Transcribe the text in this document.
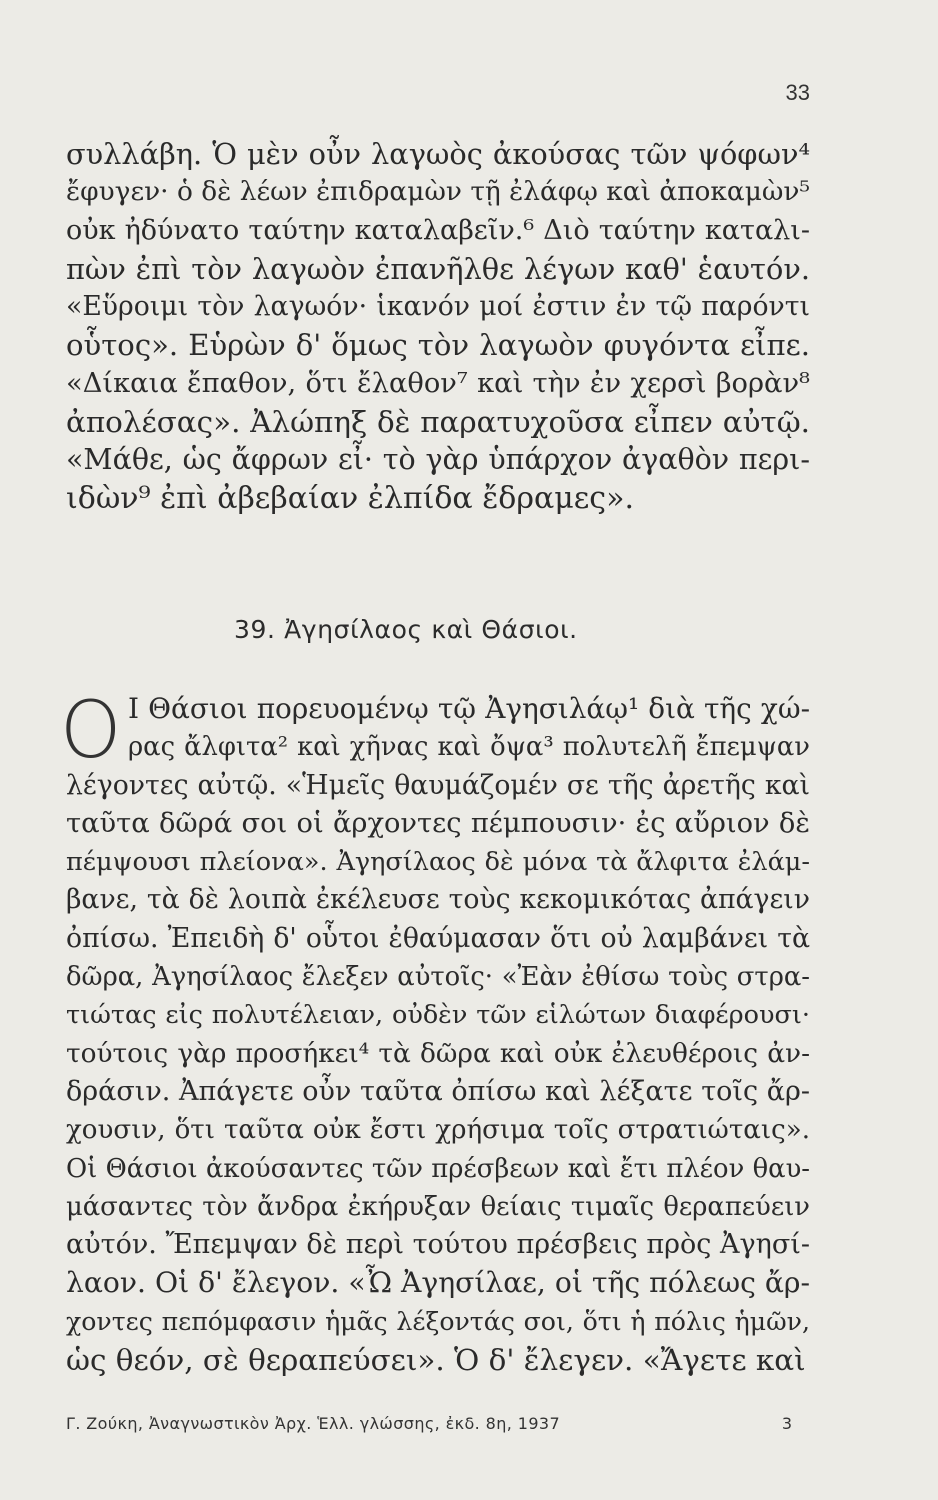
33
συλλάβη. Ὁ μὲν οὖν λαγωὸς ἀκούσας τῶν ψόφων⁴
ἔφυγεν· ὁ δὲ λέων ἐπιδραμὼν τῇ ἐλάφῳ καὶ ἀποκαμὼν⁵
οὐκ ἠδύνατο ταύτην καταλαβεῖν.⁶ Διὸ ταύτην καταλι-
πὼν ἐπὶ τὸν λαγωὸν ἐπανῆλθε λέγων καθ' ἑαυτόν.
«Εὕροιμι τὸν λαγωόν· ἱκανόν μοί ἐστιν ἐν τῷ παρόντι
οὗτος». Εὑρὼν δ' ὅμως τὸν λαγωὸν φυγόντα εἶπε.
«Δίκαια ἔπαθον, ὅτι ἔλαθον⁷ καὶ τὴν ἐν χερσὶ βορὰν⁸
ἀπολέσας». Ἀλώπηξ δὲ παρατυχοῦσα εἶπεν αὐτῷ.
«Μάθε, ὡς ἄφρων εἶ· τὸ γὰρ ὑπάρχον ἀγαθὸν περι-
ιδὼν⁹ ἐπὶ ἀβεβαίαν ἐλπίδα ἔδραμες».
39. Ἀγησίλαος καὶ Θάσιοι.
Ο Ι Θάσιοι πορευομένῳ τῷ Ἀγησιλάῳ¹ διὰ τῆς χώ-
ρας ἄλφιτα² καὶ χῆνας καὶ ὄψα³ πολυτελῆ ἔπεμψαν
λέγοντες αὐτῷ. «Ἡμεῖς θαυμάζομέν σε τῆς ἀρετῆς καὶ
ταῦτα δῶρά σοι οἱ ἄρχοντες πέμπουσιν· ἐς αὔριον δὲ
πέμψουσι πλείονα». Ἀγησίλαος δὲ μόνα τὰ ἄλφιτα ἐλάμ-
βανε, τὰ δὲ λοιπὰ ἐκέλευσε τοὺς κεκομικότας ἀπάγειν
ὀπίσω. Ἐπειδὴ δ' οὗτοι ἐθαύμασαν ὅτι οὐ λαμβάνει τὰ
δῶρα, Ἀγησίλαος ἔλεξεν αὐτοῖς· «Ἐὰν ἐθίσω τοὺς στρα-
τιώτας εἰς πολυτέλειαν, οὐδὲν τῶν εἱλώτων διαφέρουσι·
τούτοις γὰρ προσήκει⁴ τὰ δῶρα καὶ οὐκ ἐλευθέροις ἀν-
δράσιν. Ἀπάγετε οὖν ταῦτα ὀπίσω καὶ λέξατε τοῖς ἄρ-
χουσιν, ὅτι ταῦτα οὐκ ἔστι χρήσιμα τοῖς στρατιώταις».
Οἱ Θάσιοι ἀκούσαντες τῶν πρέσβεων καὶ ἔτι πλέον θαυ-
μάσαντες τὸν ἄνδρα ἐκήρυξαν θείαις τιμαῖς θεραπεύειν
αὐτόν. Ἔπεμψαν δὲ περὶ τούτου πρέσβεις πρὸς Ἀγησί-
λαον. Οἱ δ' ἔλεγον. «Ὦ Ἀγησίλαε, οἱ τῆς πόλεως ἄρ-
χοντες πεπόμφασιν ἡμᾶς λέξοντάς σοι, ὅτι ἡ πόλις ἡμῶν,
ὡς θεόν, σὲ θεραπεύσει». Ὁ δ' ἔλεγεν. «Ἄγετε καὶ
Γ. Ζούκη, Ἀναγνωστικὸν Ἀρχ. Ἑλλ. γλώσσης, ἐκδ. 8η, 1937	3
